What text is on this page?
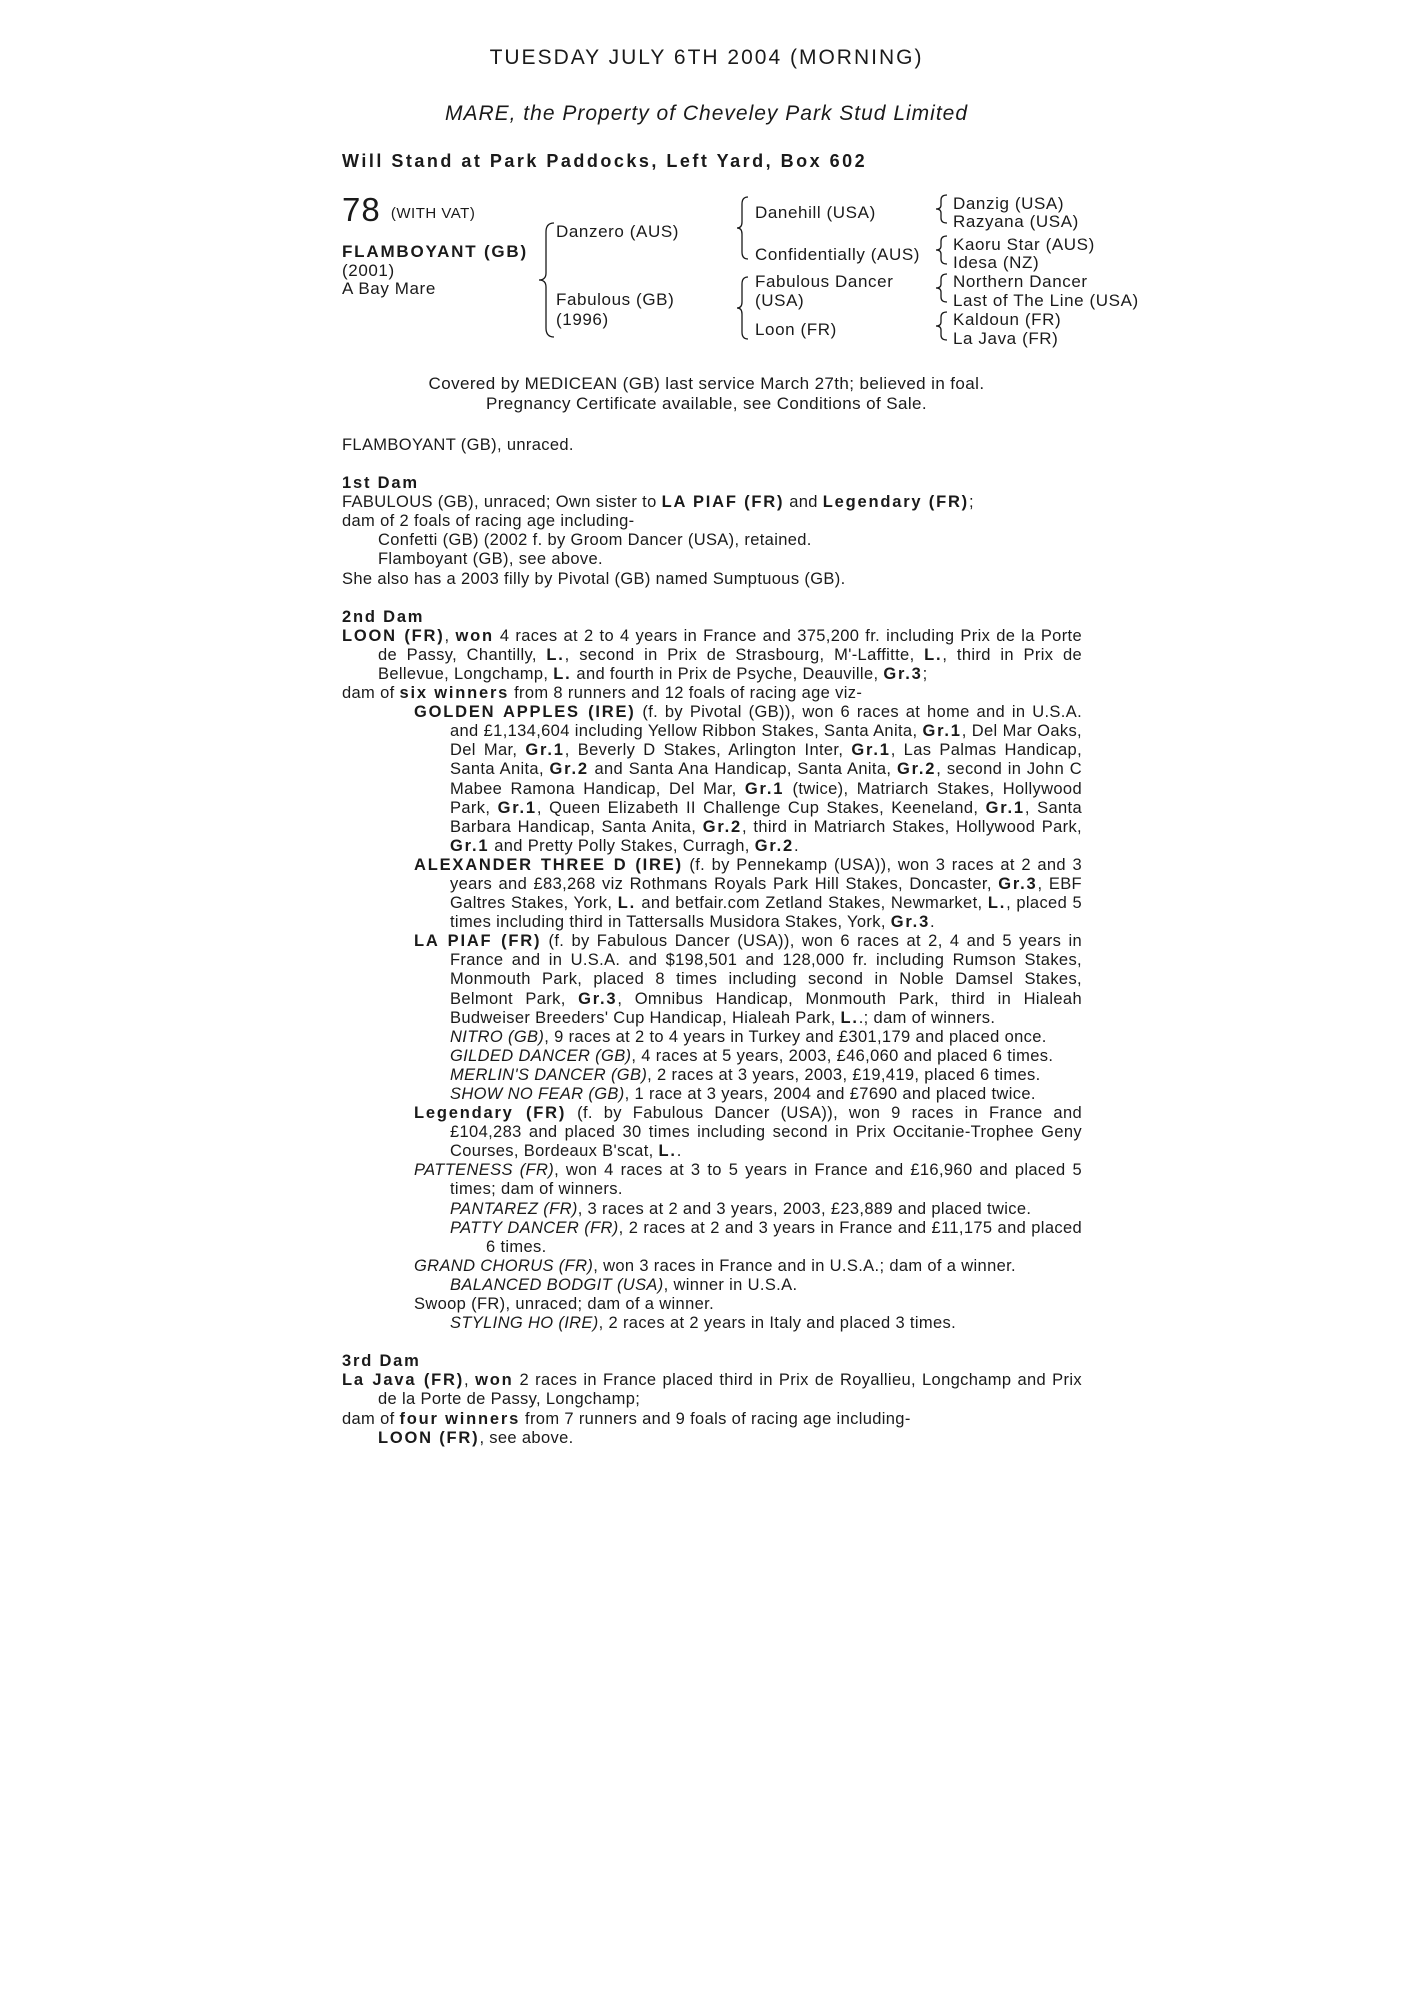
TUESDAY JULY 6TH 2004 (MORNING)
MARE, the Property of Cheveley Park Stud Limited
Will Stand at Park Paddocks, Left Yard, Box 602
78 (WITH VAT)
FLAMBOYANT (GB)
(2001)
A Bay Mare
Danzero (AUS)
Fabulous (GB)
(1996)
Danehill (USA)
Confidentially (AUS)
Fabulous Dancer
(USA)
Loon (FR)
Danzig (USA)
Razyana (USA)
Kaoru Star (AUS)
Idesa (NZ)
Northern Dancer
Last of The Line (USA)
Kaldoun (FR)
La Java (FR)
Covered by MEDICEAN (GB) last service March 27th; believed in foal.
Pregnancy Certificate available, see Conditions of Sale.

FLAMBOYANT (GB), unraced.

1st Dam

FABULOUS (GB), unraced; Own sister to LA PIAF (FR) and Legendary (FR);

dam of 2 foals of racing age including-

Confetti (GB) (2002 f. by Groom Dancer (USA), retained.

Flamboyant (GB), see above.

She also has a 2003 filly by Pivotal (GB) named Sumptuous (GB).

2nd Dam

LOON (FR), won 4 races at 2 to 4 years in France and 375,200 fr. including Prix de la Porte de Passy, Chantilly, L., second in Prix de Strasbourg, M'-Laffitte, L., third in Prix de Bellevue, Longchamp, L. and fourth in Prix de Psyche, Deauville, Gr.3;

dam of six winners from 8 runners and 12 foals of racing age viz-

GOLDEN APPLES (IRE) (f. by Pivotal (GB)), won 6 races at home and in U.S.A. and £1,134,604 including Yellow Ribbon Stakes, Santa Anita, Gr.1, Del Mar Oaks, Del Mar, Gr.1, Beverly D Stakes, Arlington Inter, Gr.1, Las Palmas Handicap, Santa Anita, Gr.2 and Santa Ana Handicap, Santa Anita, Gr.2, second in John C Mabee Ramona Handicap, Del Mar, Gr.1 (twice), Matriarch Stakes, Hollywood Park, Gr.1, Queen Elizabeth II Challenge Cup Stakes, Keeneland, Gr.1, Santa Barbara Handicap, Santa Anita, Gr.2, third in Matriarch Stakes, Hollywood Park, Gr.1 and Pretty Polly Stakes, Curragh, Gr.2.

ALEXANDER THREE D (IRE) (f. by Pennekamp (USA)), won 3 races at 2 and 3 years and £83,268 viz Rothmans Royals Park Hill Stakes, Doncaster, Gr.3, EBF Galtres Stakes, York, L. and betfair.com Zetland Stakes, Newmarket, L., placed 5 times including third in Tattersalls Musidora Stakes, York, Gr.3.

LA PIAF (FR) (f. by Fabulous Dancer (USA)), won 6 races at 2, 4 and 5 years in France and in U.S.A. and $198,501 and 128,000 fr. including Rumson Stakes, Monmouth Park, placed 8 times including second in Noble Damsel Stakes, Belmont Park, Gr.3, Omnibus Handicap, Monmouth Park, third in Hialeah Budweiser Breeders' Cup Handicap, Hialeah Park, L..; dam of winners.

NITRO (GB), 9 races at 2 to 4 years in Turkey and £301,179 and placed once.

GILDED DANCER (GB), 4 races at 5 years, 2003, £46,060 and placed 6 times.

MERLIN'S DANCER (GB), 2 races at 3 years, 2003, £19,419, placed 6 times.

SHOW NO FEAR (GB), 1 race at 3 years, 2004 and £7690 and placed twice.

Legendary (FR) (f. by Fabulous Dancer (USA)), won 9 races in France and £104,283 and placed 30 times including second in Prix Occitanie-Trophee Geny Courses, Bordeaux B'scat, L..

PATTENESS (FR), won 4 races at 3 to 5 years in France and £16,960 and placed 5 times; dam of winners.

PANTAREZ (FR), 3 races at 2 and 3 years, 2003, £23,889 and placed twice.

PATTY DANCER (FR), 2 races at 2 and 3 years in France and £11,175 and placed 6 times.

GRAND CHORUS (FR), won 3 races in France and in U.S.A.; dam of a winner.

BALANCED BODGIT (USA), winner in U.S.A.

Swoop (FR), unraced; dam of a winner.

STYLING HO (IRE), 2 races at 2 years in Italy and placed 3 times.

3rd Dam

La Java (FR), won 2 races in France placed third in Prix de Royallieu, Longchamp and Prix de la Porte de Passy, Longchamp;

dam of four winners from 7 runners and 9 foals of racing age including-

LOON (FR), see above.
